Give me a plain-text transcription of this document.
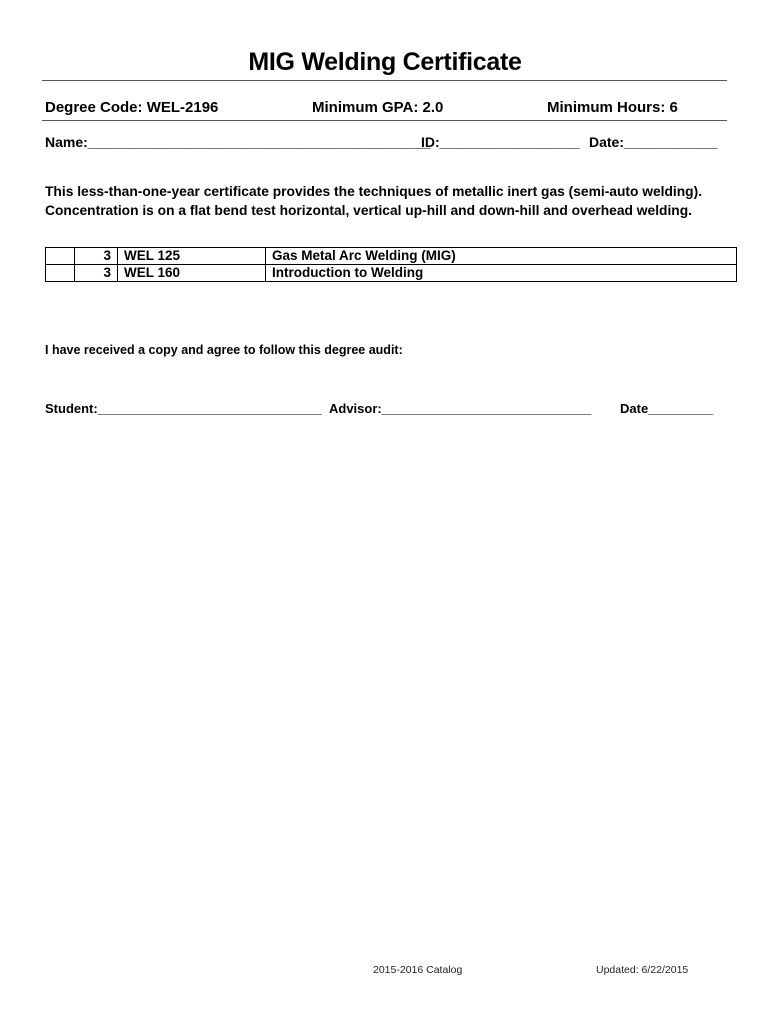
MIG Welding Certificate
Degree Code: WEL-2196	Minimum GPA: 2.0	Minimum Hours: 6
Name:____________________________________________
ID:__________________ Date:____________
This less-than-one-year certificate provides the techniques of metallic inert gas (semi-auto welding). Concentration is on a flat bend test horizontal, vertical up-hill and down-hill and overhead welding.
	3	WEL 125	Gas Metal Arc Welding (MIG)
	3	WEL 160	Introduction to Welding
I have received a copy and agree to follow this degree audit:
Student:_______________________________ Advisor:_____________________________ Date_________
2015-2016 Catalog	Updated: 6/22/2015
